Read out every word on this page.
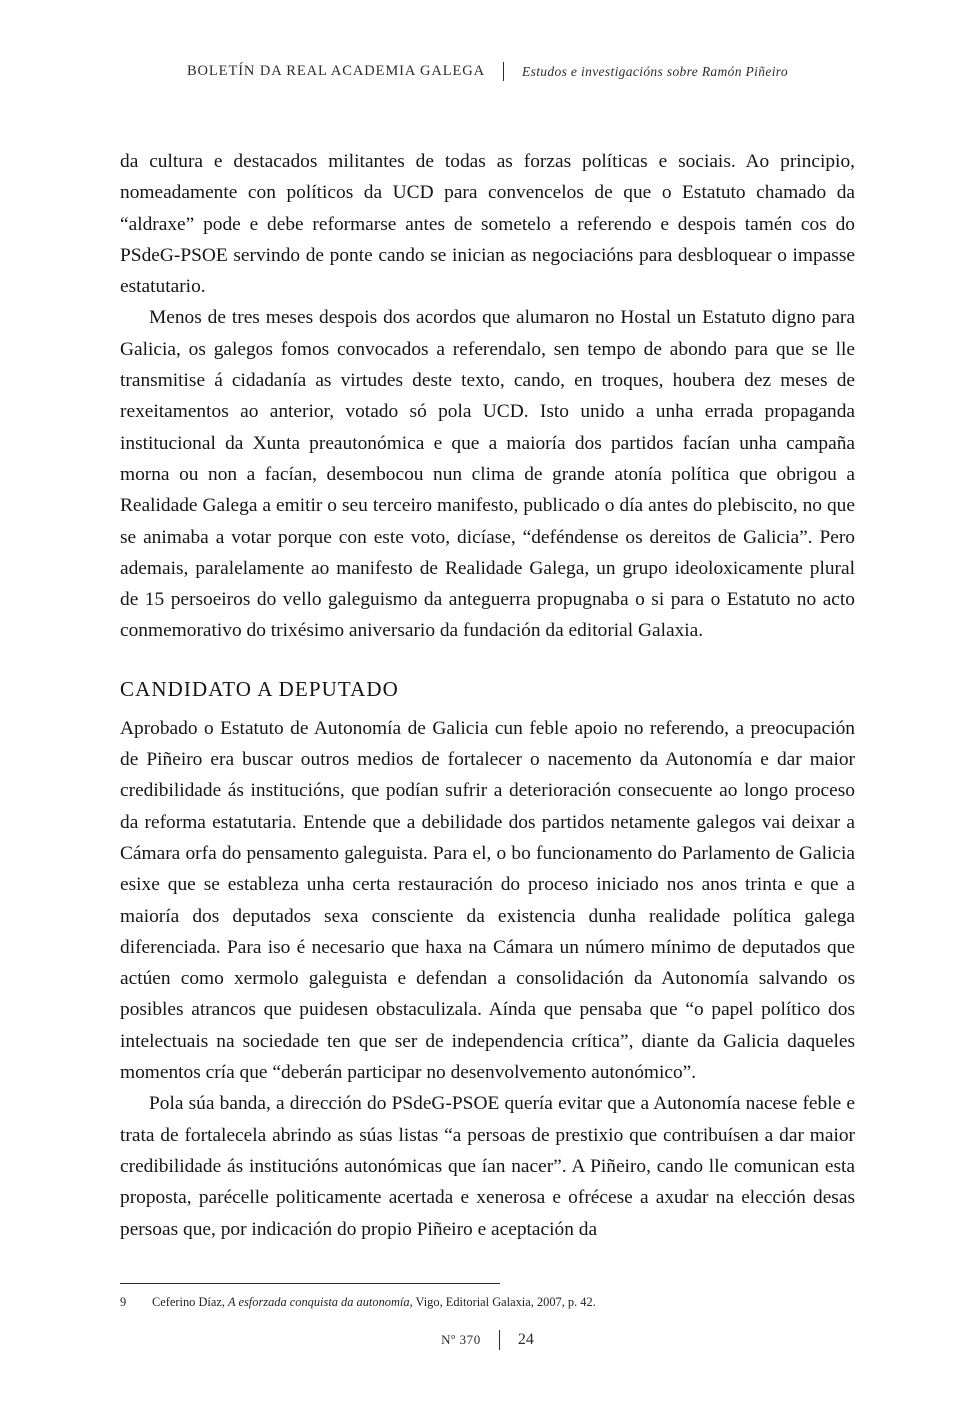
BOLETÍN DA REAL ACADEMIA GALEGA	Estudos e investigacións sobre Ramón Piñeiro

da cultura e destacados militantes de todas as forzas políticas e sociais. Ao principio, nomeadamente con políticos da UCD para convencelos de que o Estatuto chamado da “aldraxe” pode e debe reformarse antes de sometelo a referendo e despois tamén cos do PSdeG-PSOE servindo de ponte cando se inician as negociacións para desbloquear o impasse estatutario.

Menos de tres meses despois dos acordos que alumaron no Hostal un Estatuto digno para Galicia, os galegos fomos convocados a referendalo, sen tempo de abondo para que se lle transmitise á cidadanía as virtudes deste texto, cando, en troques, houbera dez meses de rexeitamentos ao anterior, votado só pola UCD. Isto unido a unha errada propaganda institucional da Xunta preautonómica e que a maioría dos partidos facían unha campaña morna ou non a facían, desembocou nun clima de grande atonía política que obrigou a Realidade Galega a emitir o seu terceiro manifesto, publicado o día antes do plebiscito, no que se animaba a votar porque con este voto, dicíase, “deféndense os dereitos de Galicia”. Pero ademais, paralelamente ao manifesto de Realidade Galega, un grupo ideoloxicamente plural de 15 persoeiros do vello galeguismo da anteguerra propugnaba o si para o Estatuto no acto conmemorativo do trixésimo aniversario da fundación da editorial Galaxia.

CANDIDATO A DEPUTADO

Aprobado o Estatuto de Autonomía de Galicia cun feble apoio no referendo, a preocupación de Piñeiro era buscar outros medios de fortalecer o nacemento da Autonomía e dar maior credibilidade ás institucións, que podían sufrir a deterioración consecuente ao longo proceso da reforma estatutaria. Entende que a debilidade dos partidos netamente galegos vai deixar a Cámara orfa do pensamento galeguista. Para el, o bo funcionamento do Parlamento de Galicia esixe que se estableza unha certa restauración do proceso iniciado nos anos trinta e que a maioría dos deputados sexa consciente da existencia dunha realidade política galega diferenciada. Para iso é necesario que haxa na Cámara un número mínimo de deputados que actúen como xermolo galeguista e defendan a consolidación da Autonomía salvando os posibles atrancos que puidesen obstaculizala. Aínda que pensaba que “o papel político dos intelectuais na sociedade ten que ser de independencia crítica”, diante da Galicia daqueles momentos cría que “deberán participar no desenvolvemento autonómico”.

Pola súa banda, a dirección do PSdeG-PSOE quería evitar que a Autonomía nacese feble e trata de fortalecela abrindo as súas listas “a persoas de prestixio que contribuísen a dar maior credibilidade ás institucións autonómicas que ían nacer”. A Piñeiro, cando lle comunican esta proposta, parécelle politicamente acertada e xenerosa e ofrécese a axudar na elección desas persoas que, por indicación do propio Piñeiro e aceptación da

9 Ceferino Díaz, A esforzada conquista da autonomía, Vigo, Editorial Galaxia, 2007, p. 42.
Nº 370	24
